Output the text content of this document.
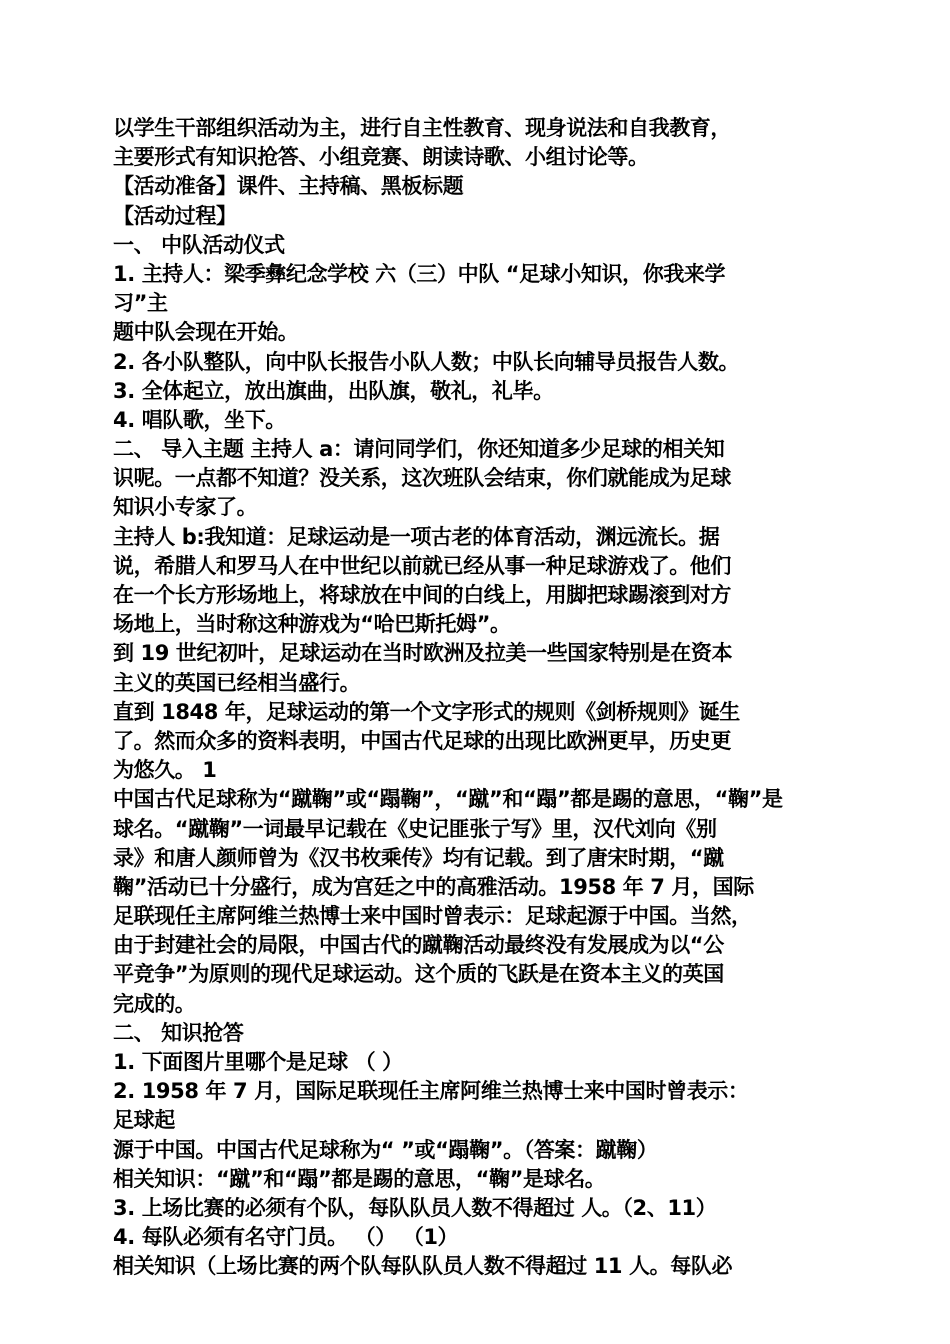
以学生干部组织活动为主，进行自主性教育、现身说法和自我教育，
主要形式有知识抢答、小组竞赛、朗读诗歌、小组讨论等。
【活动准备】课件、主持稿、黑板标题
【活动过程】
一、 中队活动仪式
1. 主持人：梁季彝纪念学校 六（三）中队 “足球小知识，你我来学
习”主
题中队会现在开始。
2. 各小队整队，向中队长报告小队人数；中队长向辅导员报告人数。
3. 全体起立，放出旗曲，出队旗，敬礼，礼毕。
4. 唱队歌，坐下。
二、 导入主题 主持人 a：请问同学们，你还知道多少足球的相关知
识呢。一点都不知道？没关系，这次班队会结束，你们就能成为足球
知识小专家了。
主持人 b:我知道：足球运动是一项古老的体育活动，渊远流长。据
说，希腊人和罗马人在中世纪以前就已经从事一种足球游戏了。他们
在一个长方形场地上，将球放在中间的白线上，用脚把球踢滚到对方
场地上，当时称这种游戏为“哈巴斯托姆”。
到 19 世纪初叶，足球运动在当时欧洲及拉美一些国家特别是在资本
主义的英国已经相当盛行。
直到 1848 年，足球运动的第一个文字形式的规则《剑桥规则》诞生
了。然而众多的资料表明，中国古代足球的出现比欧洲更早，历史更
为悠久。 1
中国古代足球称为“蹴鞠”或“蹋鞠”，“蹴”和“蹋”都是踢的意思，“鞠”是
球名。“蹴鞠”一词最早记载在《史记匪张亍写》里，汉代刘向《别
录》和唐人颜师曾为《汉书枚乘传》均有记载。到了唐宋时期，“蹴
鞠”活动已十分盛行，成为宫廷之中的高雅活动。1958 年 7 月，国际
足联现任主席阿维兰热博士来中国时曾表示：足球起源于中国。当然，
由于封建社会的局限，中国古代的蹴鞠活动最终没有发展成为以“公
平竞争”为原则的现代足球运动。这个质的飞跃是在资本主义的英国
完成的。
二、 知识抢答
1. 下面图片里哪个是足球 （ ）
2. 1958 年 7 月，国际足联现任主席阿维兰热博士来中国时曾表示：
足球起
源于中国。中国古代足球称为“ ”或“蹋鞠”。（答案：蹴鞠）
相关知识：“蹴”和“蹋”都是踢的意思，“鞠”是球名。
3. 上场比赛的必须有个队，每队队员人数不得超过 人。（2、11）
4. 每队必须有名守门员。 （） （1）
相关知识（上场比赛的两个队每队队员人数不得超过 11 人。每队必
